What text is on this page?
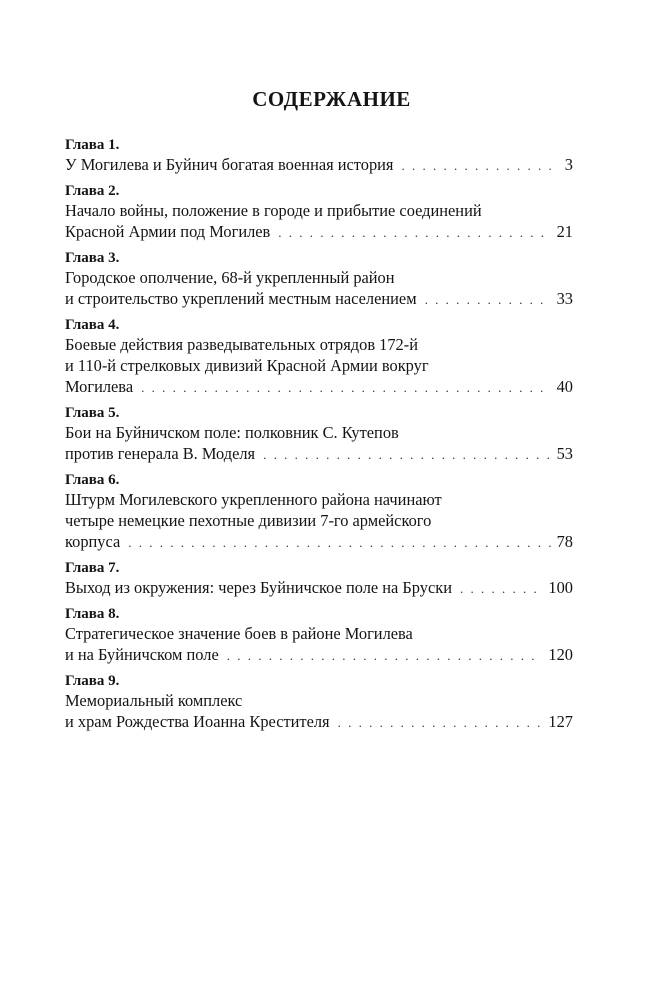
СОДЕРЖАНИЕ
Глава 1.
У Могилева и Буйнич богатая военная история . . .	3
Глава 2.
Начало войны, положение в городе и прибытие соединений
Красной Армии под Могилев . . .	21
Глава 3.
Городское ополчение, 68-й укрепленный район
и строительство укреплений местным населением . . .	33
Глава 4.
Боевые действия разведывательных отрядов 172-й
и 110-й стрелковых дивизий Красной Армии вокруг
Могилева . . .	40
Глава 5.
Бои на Буйничском поле: полковник С. Кутепов
против генерала В. Моделя . . .	53
Глава 6.
Штурм Могилевского укрепленного района начинают
четыре немецкие пехотные дивизии 7-го армейского
корпуса . . .	78
Глава 7.
Выход из окружения: через Буйничское поле на Бруски . . .	100
Глава 8.
Стратегическое значение боев в районе Могилева
и на Буйничском поле . . .	120
Глава 9.
Мемориальный комплекс
и храм Рождества Иоанна Крестителя . . .	127
